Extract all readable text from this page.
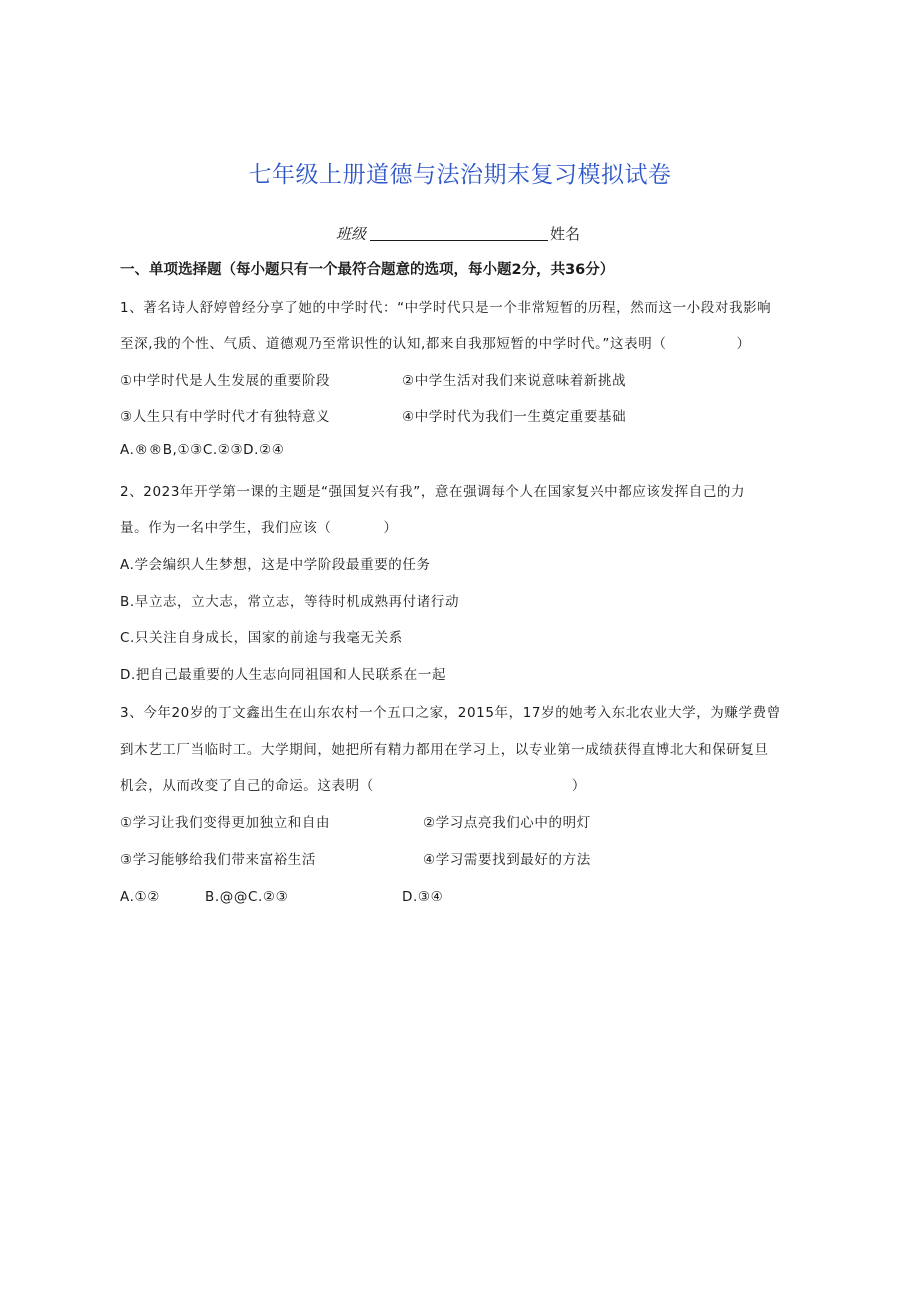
七年级上册道德与法治期末复习模拟试卷
班级	姓名
一、单项选择题（每小题只有一个最符合题意的选项，每小题2分，共36分）
1、著名诗人舒婷曾经分享了她的中学时代：“中学时代只是一个非常短暂的历程，然而这一小段对我影响
至深,我的个性、气质、道德观乃至常识性的认知,都来自我那短暂的中学时代。”这表明（	）
①中学时代是人生发展的重要阶段	②中学生活对我们来说意味着新挑战
③人生只有中学时代才有独特意义	④中学时代为我们一生奠定重要基础
A.®®B,①③C.②③D.②④
2、2023年开学第一课的主题是“强国复兴有我”，意在强调每个人在国家复兴中都应该发挥自己的力
量。作为一名中学生，我们应该（	）
A.学会编织人生梦想，这是中学阶段最重要的任务
B.早立志，立大志，常立志，等待时机成熟再付诸行动
C.只关注自身成长，国家的前途与我毫无关系
D.把自己最重要的人生志向同祖国和人民联系在一起
3、今年20岁的丁文鑫出生在山东农村一个五口之家，2015年，17岁的她考入东北农业大学，为赚学费曾
到木艺工厂当临时工。大学期间，她把所有精力都用在学习上，以专业第一成绩获得直博北大和保研复旦
机会，从而改变了自己的命运。这表明（	）
①学习让我们变得更加独立和自由	②学习点亮我们心中的明灯
③学习能够给我们带来富裕生活	④学习需要找到最好的方法
A.①②	B.@@C.②③	D.③④
